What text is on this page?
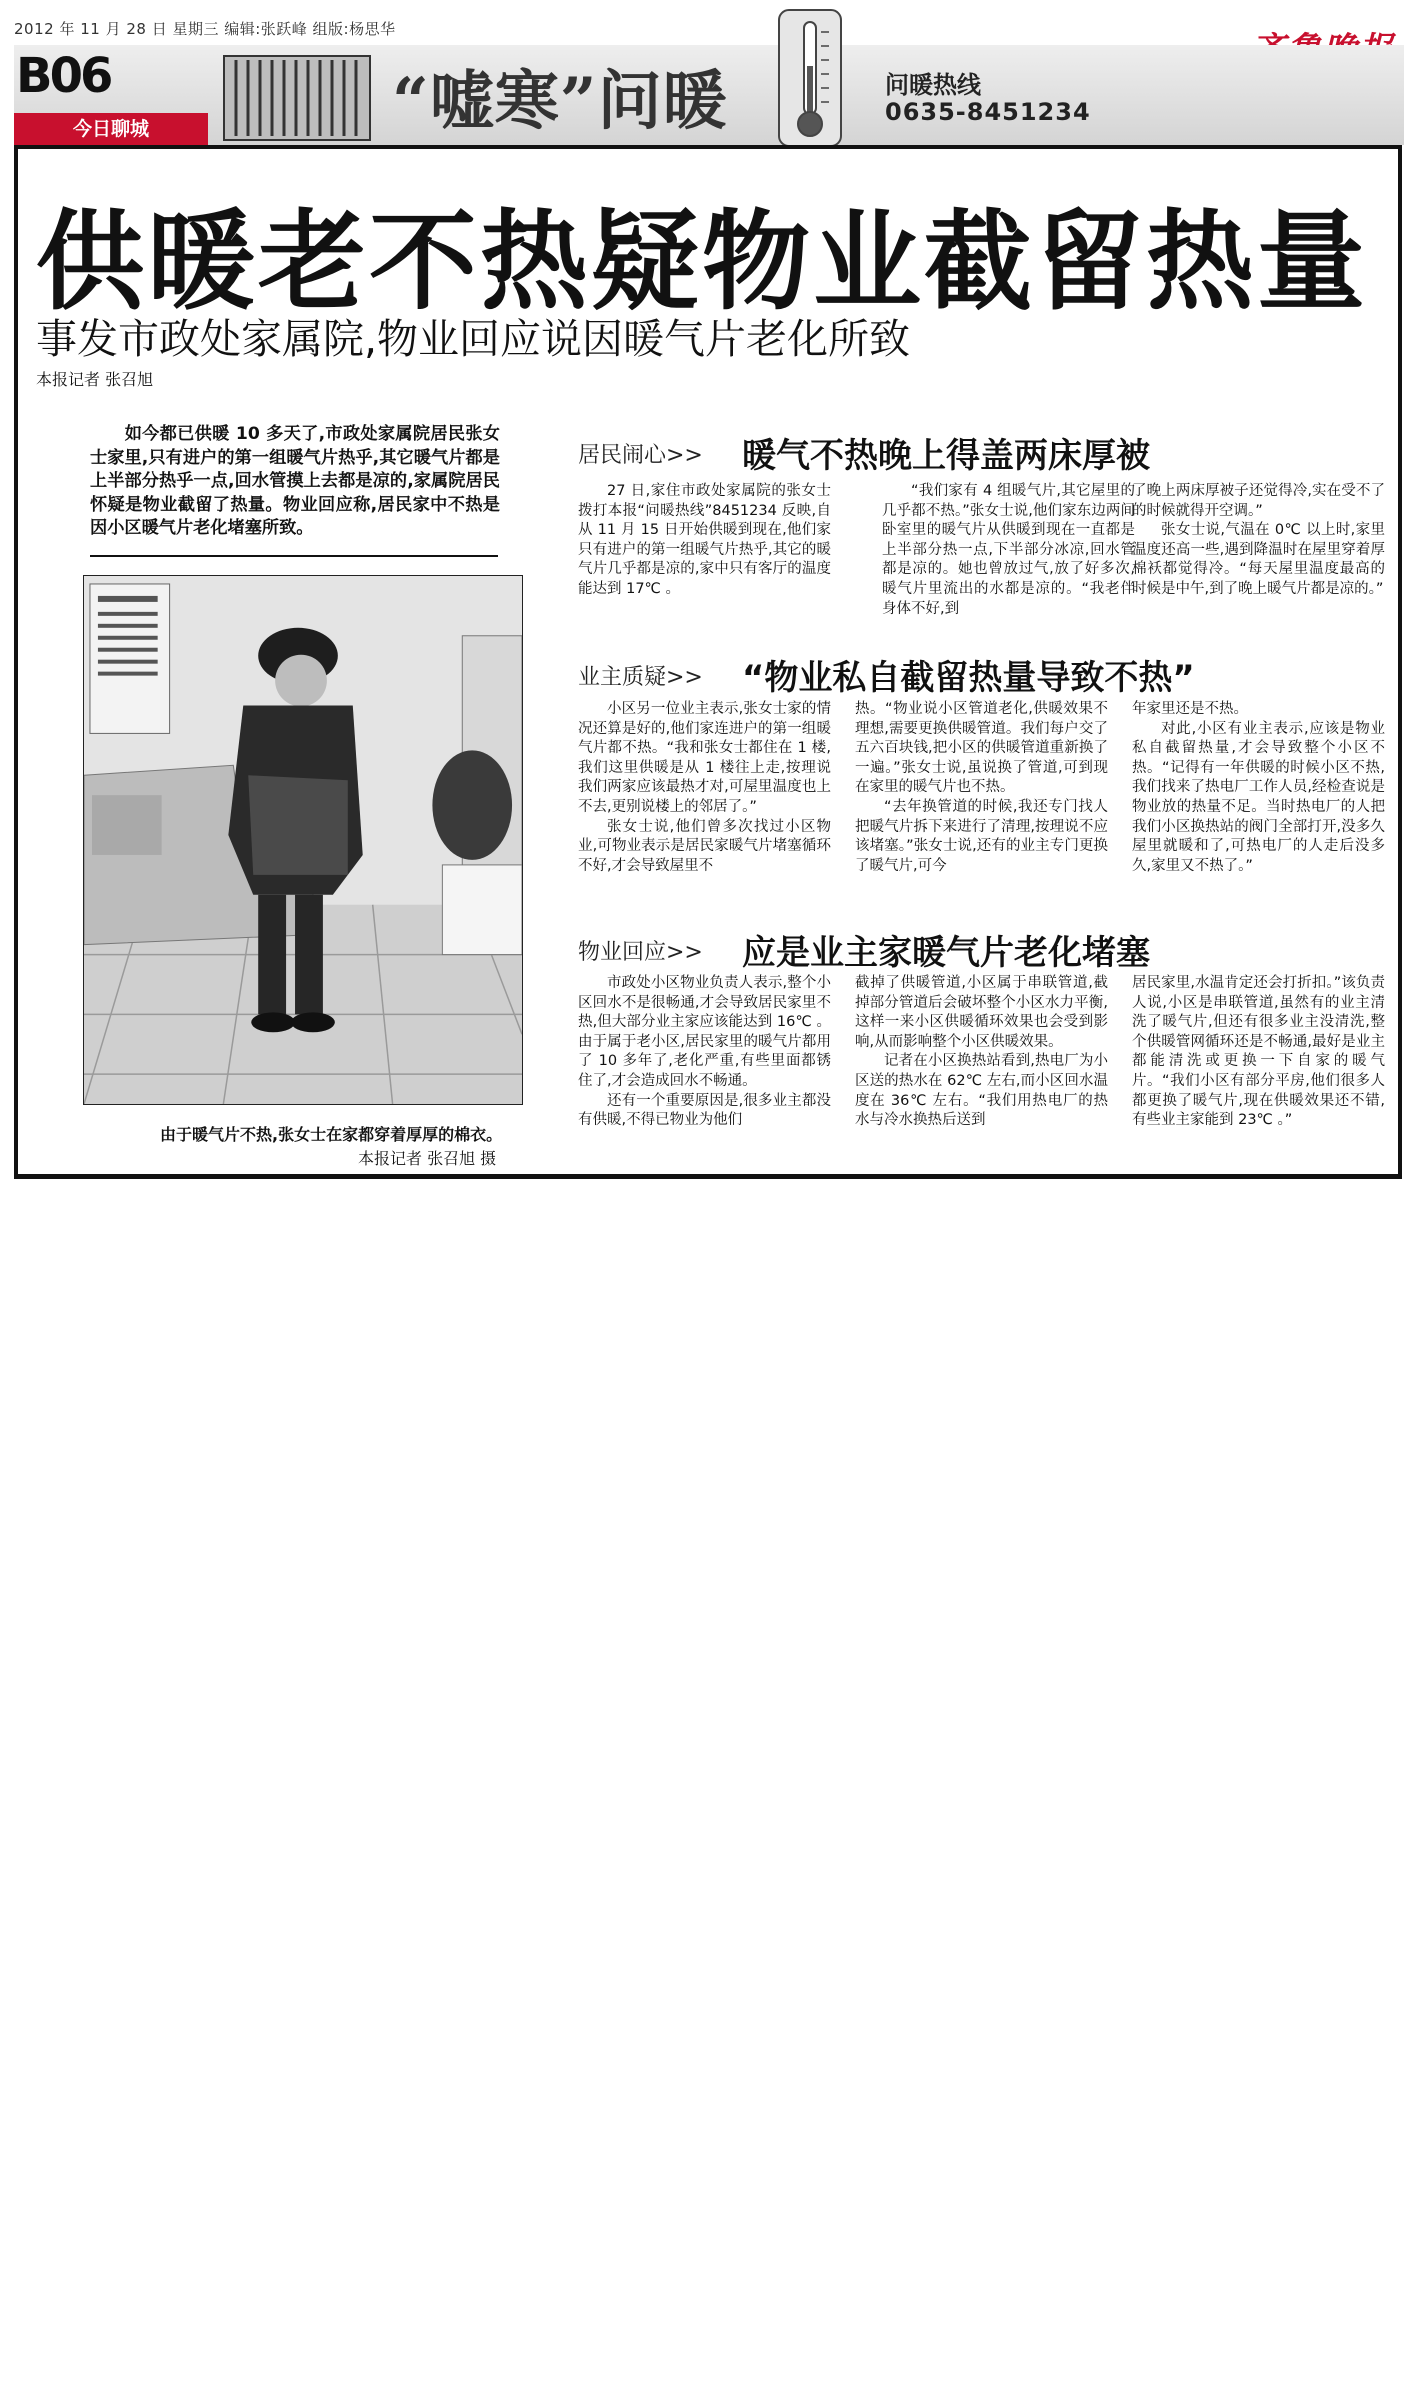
2012 年 11 月 28 日 星期三 编辑:张跃峰 组版:杨思华
B06
今日聊城	“嘘寒”问暖	问暖热线
0635-8451234
供暖老不热疑物业截留热量
事发市政处家属院,物业回应说因暖气片老化所致
本报记者 张召旭
如今都已供暖 10 多天了,市政处家属院居民张女士家里,只有进户的第一组暖气片热乎,其它暖气片都是上半部分热乎一点,回水管摸上去都是凉的,家属院居民怀疑是物业截留了热量。物业回应称,居民家中不热是因小区暖气片老化堵塞所致。
由于暖气片不热,张女士在家都穿着厚厚的棉衣。
本报记者 张召旭 摄
居民闹心>> 暖气不热晚上得盖两床厚被

27 日,家住市政处家属院的张女士拨打本报“问暖热线”8451234 反映,自从 11 月 15 日开始供暖到现在,他们家只有进户的第一组暖气片热乎,其它的暖气片几乎都是凉的,家中只有客厅的温度能达到 17℃ 。

“我们家有 4 组暖气片,其它屋里的几乎都不热。”张女士说,他们家东边两间卧室里的暖气片从供暖到现在一直都是上半部分热一点,下半部分冰凉,回水管都是凉的。她也曾放过气,放了好多次,暖气片里流出的水都是凉的。“我老伴身体不好,到

了晚上两床厚被子还觉得冷,实在受不了的时候就得开空调。”

张女士说,气温在 0℃ 以上时,家里温度还高一些,遇到降温时在屋里穿着厚棉袄都觉得冷。“每天屋里温度最高的时候是中午,到了晚上暖气片都是凉的。”

业主质疑>> “物业私自截留热量导致不热”

小区另一位业主表示,张女士家的情况还算是好的,他们家连进户的第一组暖气片都不热。“我和张女士都住在 1 楼,我们这里供暖是从 1 楼往上走,按理说我们两家应该最热才对,可屋里温度也上不去,更别说楼上的邻居了。”

张女士说,他们曾多次找过小区物业,可物业表示是居民家暖气片堵塞循环不好,才会导致屋里不

热。“物业说小区管道老化,供暖效果不理想,需要更换供暖管道。我们每户交了五六百块钱,把小区的供暖管道重新换了一遍。”张女士说,虽说换了管道,可到现在家里的暖气片也不热。

“去年换管道的时候,我还专门找人把暖气片拆下来进行了清理,按理说不应该堵塞。”张女士说,还有的业主专门更换了暖气片,可今

年家里还是不热。

对此,小区有业主表示,应该是物业私自截留热量,才会导致整个小区不热。“记得有一年供暖的时候小区不热,我们找来了热电厂工作人员,经检查说是物业放的热量不足。当时热电厂的人把我们小区换热站的阀门全部打开,没多久屋里就暖和了,可热电厂的人走后没多久,家里又不热了。”

物业回应>> 应是业主家暖气片老化堵塞

市政处小区物业负责人表示,整个小区回水不是很畅通,才会导致居民家里不热,但大部分业主家应该能达到 16℃ 。由于属于老小区,居民家里的暖气片都用了 10 多年了,老化严重,有些里面都锈住了,才会造成回水不畅通。

还有一个重要原因是,很多业主都没有供暖,不得已物业为他们

截掉了供暖管道,小区属于串联管道,截掉部分管道后会破坏整个小区水力平衡,这样一来小区供暖循环效果也会受到影响,从而影响整个小区供暖效果。

记者在小区换热站看到,热电厂为小区送的热水在 62℃ 左右,而小区回水温度在 36℃ 左右。“我们用热电厂的热水与冷水换热后送到

居民家里,水温肯定还会打折扣。”该负责人说,小区是串联管道,虽然有的业主清洗了暖气片,但还有很多业主没清洗,整个供暖管网循环还是不畅通,最好是业主都能清洗或更换一下自家的暖气片。“我们小区有部分平房,他们很多人都更换了暖气片,现在供暖效果还不错,有些业主家能到 23℃ 。”
